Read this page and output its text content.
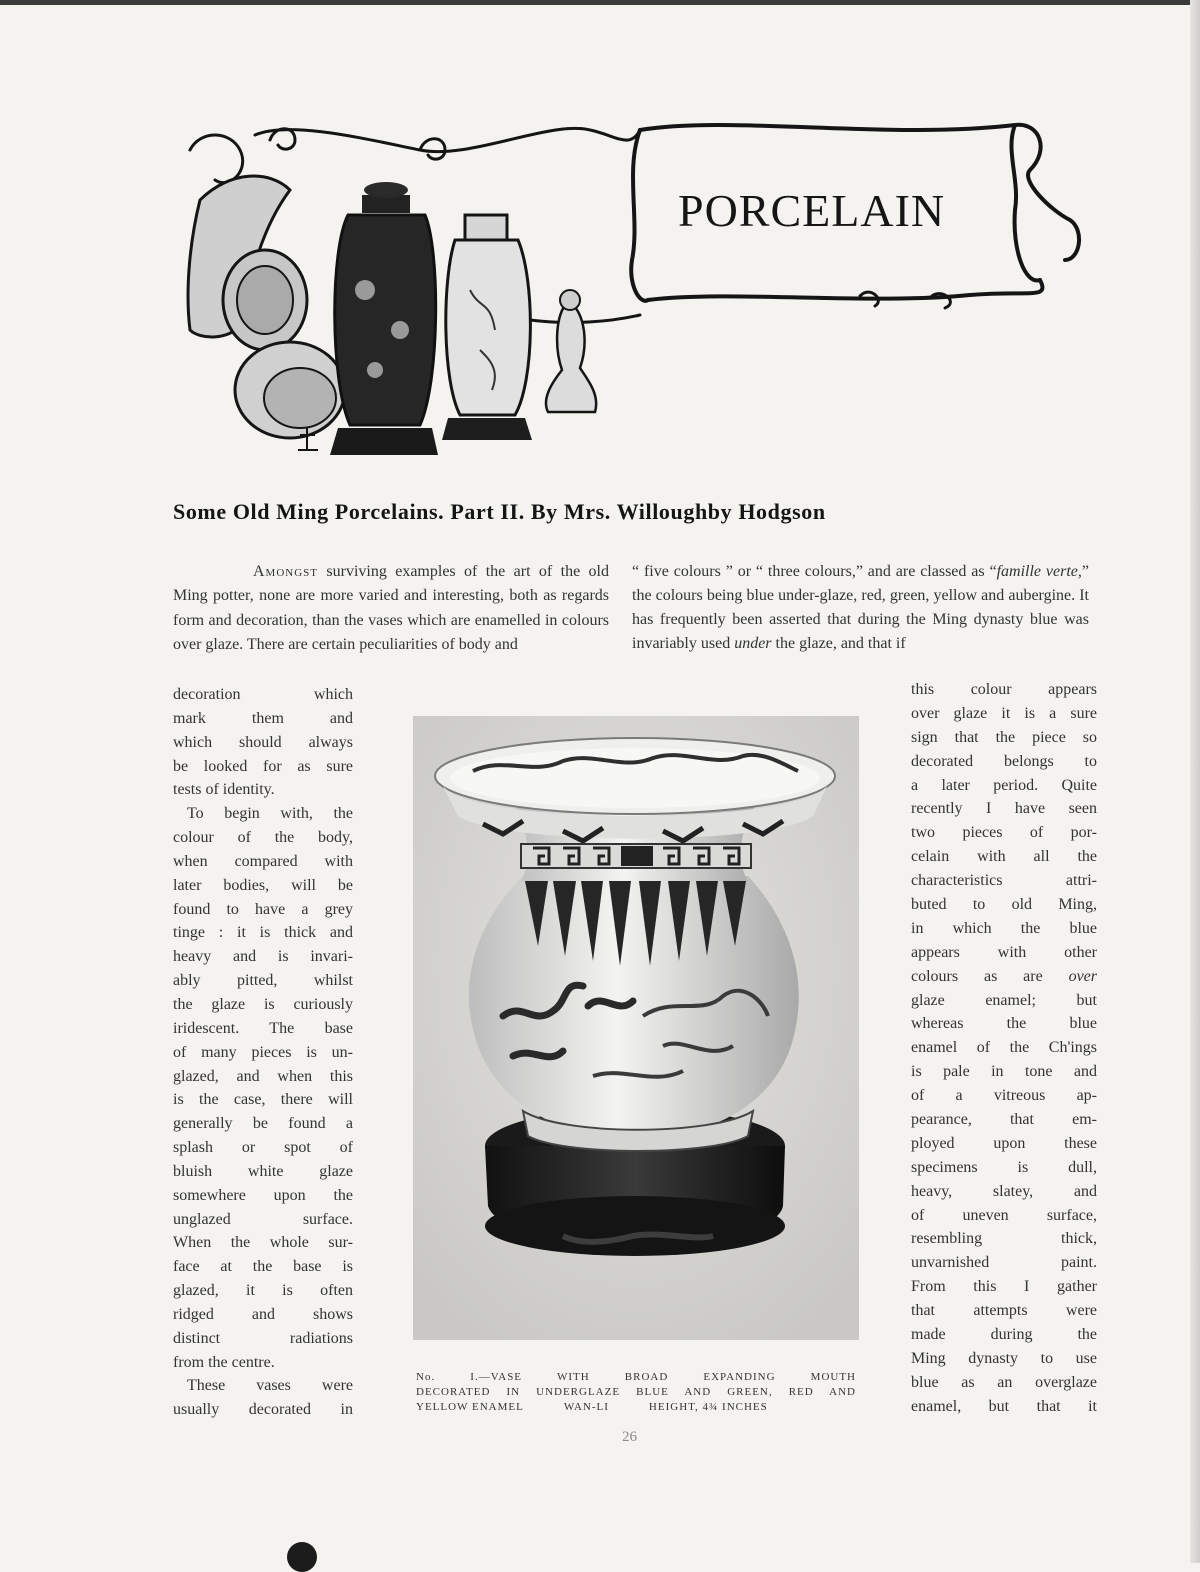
PORCELAIN
Some Old Ming Porcelains. Part II. By Mrs. Willoughby Hodgson
Amongst surviving examples of the art of the old Ming potter, none are more varied and interesting, both as regards form and decoration, than the vases which are enamelled in colours over glaze. There are certain peculiarities of body and
“ five colours ” or “ three colours,” and are classed as “famille verte,” the colours being blue under-glaze, red, green, yellow and aubergine. It has frequently been asserted that during the Ming dynasty blue was invariably used under the glaze, and that if
decoration which
mark them and
which should always
be looked for as sure
tests of identity.
To begin with, the
colour of the body,
when compared with
later bodies, will be
found to have a grey
tinge : it is thick and
heavy and is invari-
ably pitted, whilst
the glaze is curiously
iridescent. The base
of many pieces is un-
glazed, and when this
is the case, there will
generally be found a
splash or spot of
bluish white glaze
somewhere upon the
unglazed surface.
When the whole sur-
face at the base is
glazed, it is often
ridged and shows
distinct radiations
from the centre.
These vases were
usually decorated in
this colour appears
over glaze it is a sure
sign that the piece so
decorated belongs to
a later period. Quite
recently I have seen
two pieces of por-
celain with all the
characteristics attri-
buted to old Ming,
in which the blue
appears with other
colours as are over
glaze enamel; but
whereas the blue
enamel of the Ch'ings
is pale in tone and
of a vitreous ap-
pearance, that em-
ployed upon these
specimens is dull,
heavy, slatey, and
of uneven surface,
resembling thick,
unvarnished paint.
From this I gather
that attempts were
made during the
Ming dynasty to use
blue as an overglaze
enamel, but that it
No. I.—VASE WITH BROAD EXPANDING MOUTH
DECORATED IN UNDERGLAZE BLUE AND GREEN, RED AND
YELLOW ENAMEL	WAN-LI	HEIGHT, 4¾ INCHES
26
